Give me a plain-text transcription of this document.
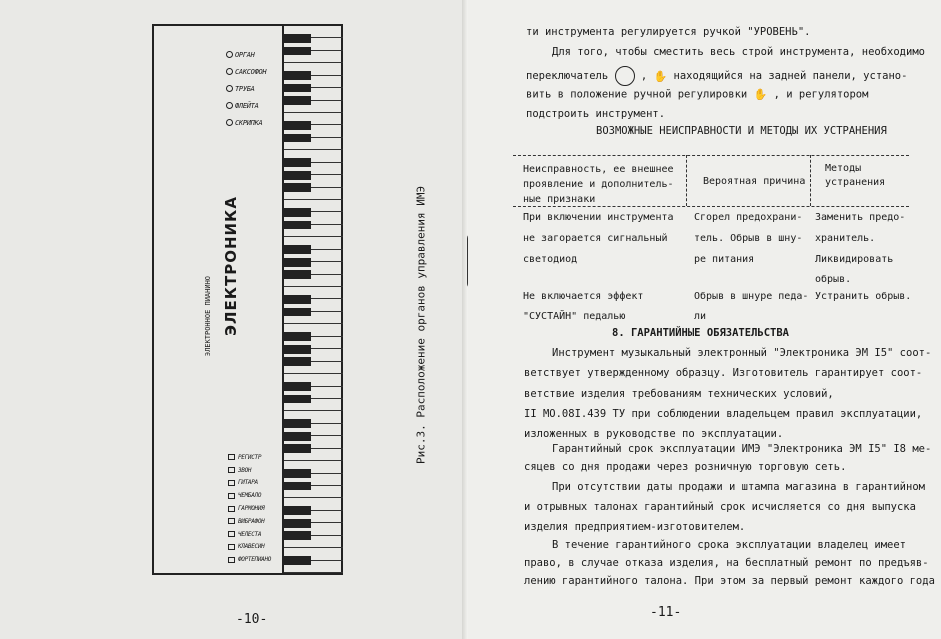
ОРГАН
САКСОФОН
ТРУБА
ФЛЕЙТА
СКРИПКА
ЭЛЕКТРОНИКА
ЭЛЕКТРОННОЕ ПИАНИНО
РЕГИСТР
ЗВОН
ГИТАРА
ЧЕМБАЛО
ГАРМОНИЯ
ВИБРАФОН
ЧЕЛЕСТА
КЛАВЕСИН
ФОРТЕПИАНО
Рис.3. Расположение органов управления ИМЭ
-10-
ти инструмента регулируется ручкой "УРОВЕНЬ".
Для того, чтобы сместить весь строй инструмента, необходимо
переключатель	, ✋ находящийся на задней панели, устано-
вить в положение ручной регулировки ✋ , и регулятором
подстроить инструмент.
ВОЗМОЖНЫЕ НЕИСПРАВНОСТИ И МЕТОДЫ ИХ УСТРАНЕНИЯ
Неисправность, ее внешнее
проявление и дополнитель-
ные признаки
Вероятная причина
Методы
устранения
При включении инструмента
не загорается сигнальный
светодиод
Сгорел предохрани-
тель. Обрыв в шну-
ре питания
Заменить предо-
хранитель.
Ликвидировать
обрыв.
Не включается эффект
"СУСТАЙН" педалью
Обрыв в шнуре педа-
ли
Устранить обрыв.
8. ГАРАНТИЙНЫЕ ОБЯЗАТЕЛЬСТВА
Инструмент музыкальный электронный "Электроника ЭМ I5" соот-
ветствует утвержденному образцу. Изготовитель гарантирует соот-
ветствие изделия требованиям технических условий,
II МО.08I.439 ТУ при соблюдении владельцем правил эксплуатации,
изложенных в руководстве по эксплуатации.
Гарантийный срок эксплуатации ИМЭ "Электроника ЭМ I5" I8 ме-
сяцев со дня продажи через розничную торговую сеть.
При отсутствии даты продажи и штампа магазина в гарантийном
и отрывных талонах гарантийный срок исчисляется со дня выпуска
изделия предприятием-изготовителем.
В течение гарантийного срока эксплуатации владелец имеет
право, в случае отказа изделия, на бесплатный ремонт по предъяв-
лению гарантийного талона. При этом за первый ремонт каждого года
-11-
